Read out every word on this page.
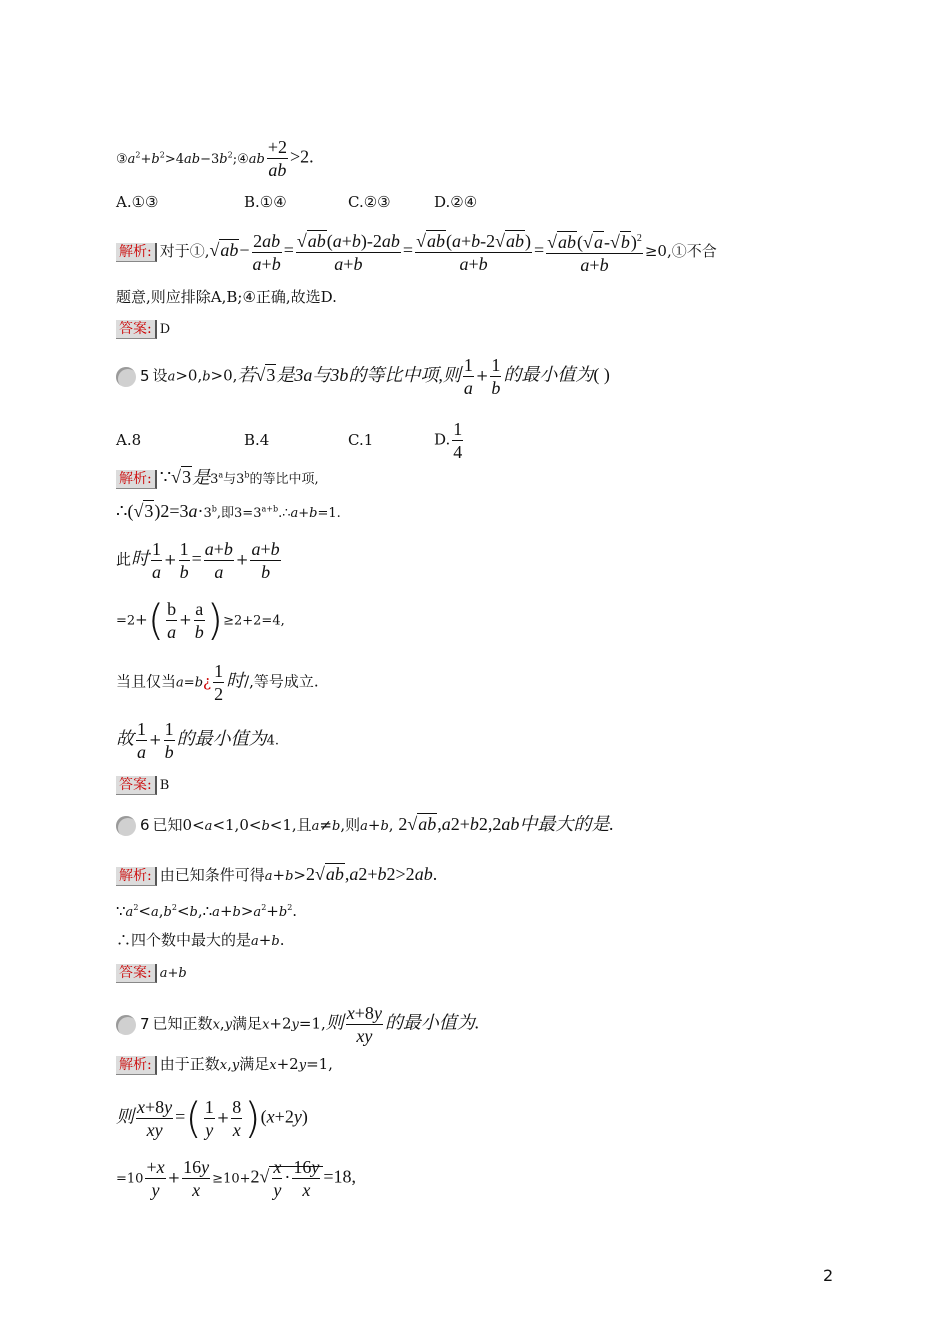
$③a^2+b^2>4ab-3b^2;④ab \frac{+2}{ab} >2$.
A.①③	B.①④	C.②③	D.②④
解析: 对于①,√ab− $\frac{2ab}{a+b} = \frac{√ab(a+b)-2ab}{a+b} = \frac{√ab(a+b-2√ab)}{a+b} = \frac{√ab(√a-√b)^2}{a+b}$ ≥0,①不合
题意,则应排除A,B;④正确,故选D.
答案: D
5 设a>0,b>0,若√3是3a与3b的等比中项,则 $\frac{1}{a} + \frac{1}{b}$ 的最小值为( )
A.8	B.4	C.1	D. $\frac{1}{4}$
解析: ∵√3是3$^a$与3$^b$的等比中项,
$\therefore(√3)2=3a\cdot 3^b$,即$3=3^{a+b}.\therefore a+b=1$.
此时 $\frac{1}{a} + \frac{1}{b} = \frac{a+b}{a} + \frac{a+b}{b}$
$=2+( \frac{b}{a} + \frac{a}{b} )\ge 2+2=4$,
当且仅当a=b¿ $\frac{1}{2}$ 时/,等号成立.
故 $\frac{1}{a} + \frac{1}{b}$ 的最小值为4.
答案: B
6 已知0<a<1,0<b<1,且a≠b,则a+b, 2√ab,a2+b2,2ab中最大的是.
解析: 由已知条件可得a+b>2√ab,a2+b2>2ab.
$\because a^2<a,b^2<b,\therefore a+b>a^2+b^2$.
∴四个数中最大的是a+b.
答案: a+b
7 已知正数x,y满足x+2y=1,则 $\frac{x+8y}{xy}$ 的最小值为.
解析: 由于正数x,y满足x+2y=1,
则 $\frac{x+8y}{xy}$ =( $\frac{1}{y} + \frac{8}{x} )(x+2y)$
$=10 \frac{+x}{y} + \frac{16y}{x} \ge 10+2√ \frac{x}{y} \cdot \frac{16y}{x} =18$,
2
